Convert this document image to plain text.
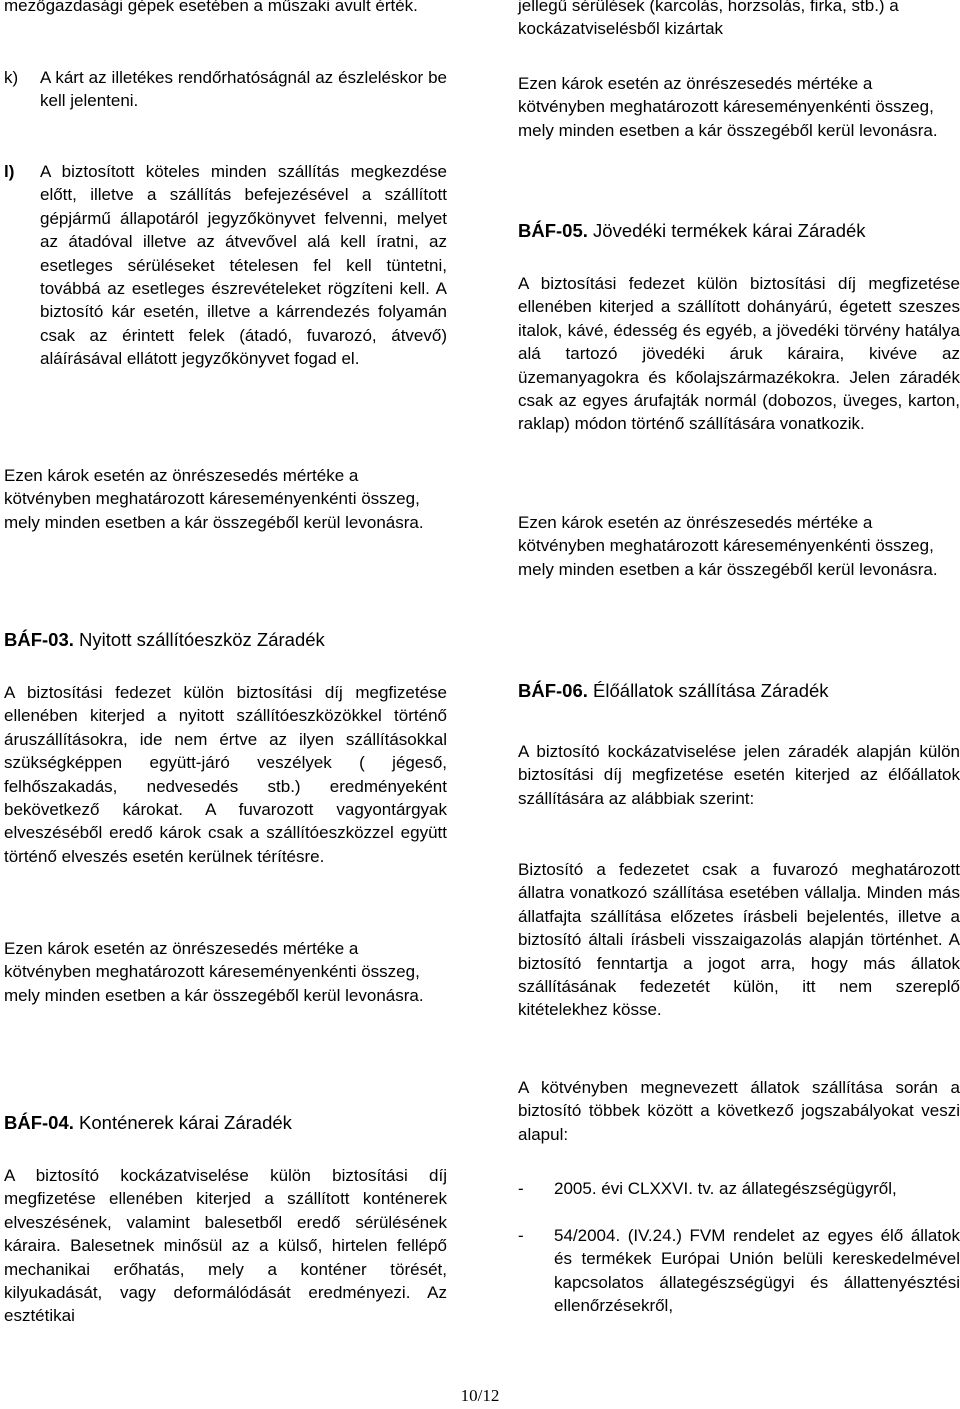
mezőgazdasági gépek esetében a műszaki avult érték.

k) A kárt az illetékes rendőrhatóságnál az észleléskor be kell jelenteni.

l) A biztosított köteles minden szállítás megkezdése előtt, illetve a szállítás befejezésével a szállított gépjármű állapotáról jegyzőkönyvet felvenni, melyet az átadóval illetve az átvevővel alá kell íratni, az esetleges sérüléseket tételesen fel kell tüntetni, továbbá az esetleges észrevételeket rögzíteni kell. A biztosító kár esetén, illetve a kárrendezés folyamán csak az érintett felek (átadó, fuvarozó, átvevő) aláírásával ellátott jegyzőkönyvet fogad el.

Ezen károk esetén az önrészesedés mértéke a kötvényben meghatározott káreseményenkénti összeg, mely minden esetben a kár összegéből kerül levonásra.

BÁF-03. Nyitott szállítóeszköz Záradék

A biztosítási fedezet külön biztosítási díj megfizetése ellenében kiterjed a nyitott szállítóeszközökkel történő áruszállításokra, ide nem értve az ilyen szállításokkal szükségképpen együtt-járó veszélyek ( jégeső, felhőszakadás, nedvesedés stb.) eredményeként bekövetkező károkat. A fuvarozott vagyontárgyak elveszéséből eredő károk csak a szállítóeszközzel együtt történő elveszés esetén kerülnek térítésre.

Ezen károk esetén az önrészesedés mértéke a kötvényben meghatározott káreseményenkénti összeg, mely minden esetben a kár összegéből kerül levonásra.

BÁF-04. Konténerek kárai Záradék

A biztosító kockázatviselése külön biztosítási díj megfizetése ellenében kiterjed a szállított konténerek elveszésének, valamint balesetből eredő sérülésének káraira. Balesetnek minősül az a külső, hirtelen fellépő mechanikai erőhatás, mely a konténer törését, kilyukadását, vagy deformálódását eredményezi. Az esztétikai

jellegű sérülések (karcolás, horzsolás, firka, stb.) a kockázatviselésből kizártak

Ezen károk esetén az önrészesedés mértéke a kötvényben meghatározott káreseményenkénti összeg, mely minden esetben a kár összegéből kerül levonásra.

BÁF-05. Jövedéki termékek kárai Záradék

A biztosítási fedezet külön biztosítási díj megfizetése ellenében kiterjed a szállított dohányárú, égetett szeszes italok, kávé, édesség és egyéb, a jövedéki törvény hatálya alá tartozó jövedéki áruk káraira, kivéve az üzemanyagokra és kőolajszármazékokra. Jelen záradék csak az egyes árufajták normál (dobozos, üveges, karton, raklap) módon történő szállítására vonatkozik.

Ezen károk esetén az önrészesedés mértéke a kötvényben meghatározott káreseményenkénti összeg, mely minden esetben a kár összegéből kerül levonásra.

BÁF-06. Élőállatok szállítása Záradék

A biztosító kockázatviselése jelen záradék alapján külön biztosítási díj megfizetése esetén kiterjed az élőállatok szállítására az alábbiak szerint:

Biztosító a fedezetet csak a fuvarozó meghatározott állatra vonatkozó szállítása esetében vállalja. Minden más állatfajta szállítása előzetes írásbeli bejelentés, illetve a biztosító általi írásbeli visszaigazolás alapján történhet. A biztosító fenntartja a jogot arra, hogy más állatok szállításának fedezetét külön, itt nem szereplő kitételekhez kösse.

A kötvényben megnevezett állatok szállítása során a biztosító többek között a következő jogszabályokat veszi alapul:

- 2005. évi CLXXVI. tv. az állategészségügyről,

- 54/2004. (IV.24.) FVM rendelet az egyes élő állatok és termékek Európai Unión belüli kereskedelmével kapcsolatos állategészségügyi és állattenyésztési ellenőrzésekről,

10/12
